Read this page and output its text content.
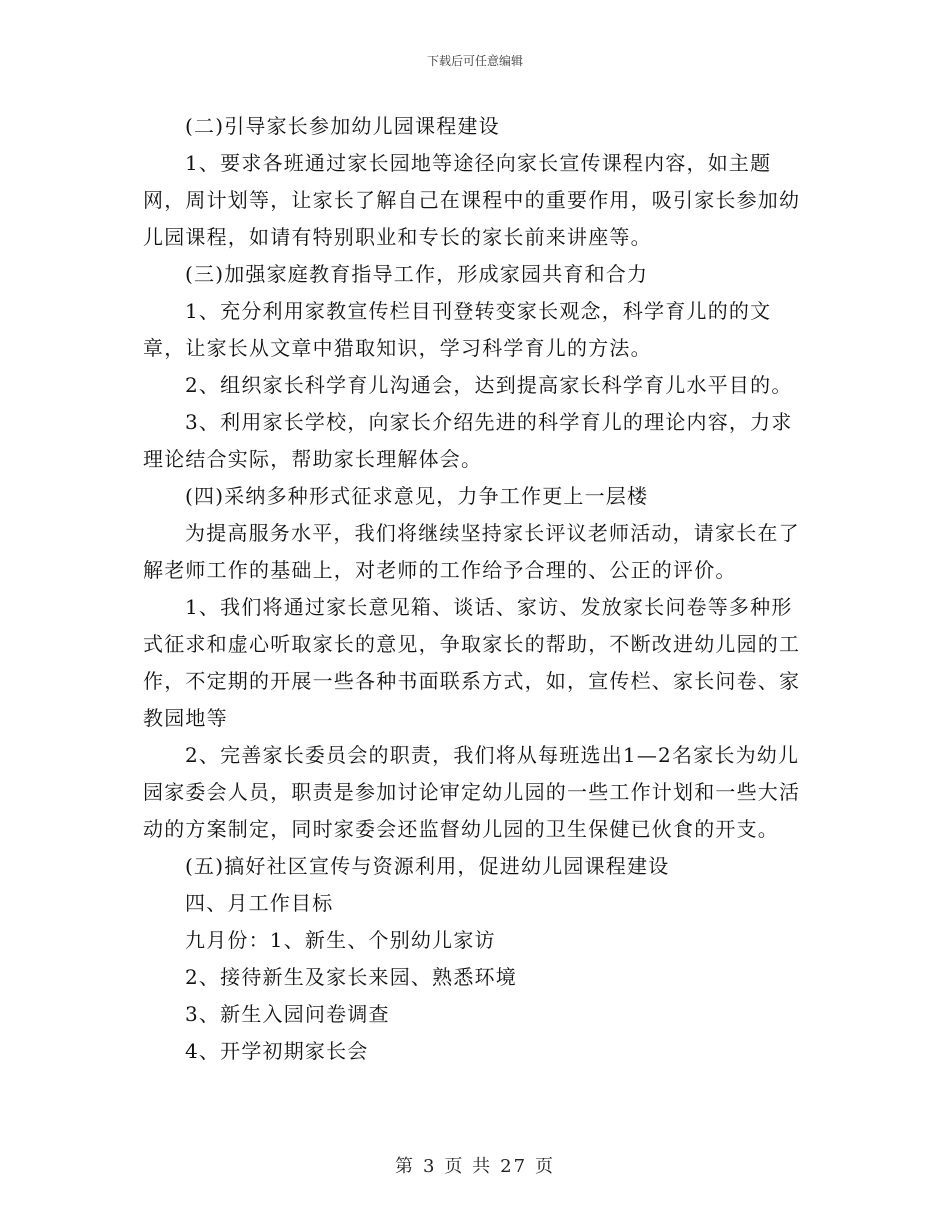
下载后可任意编辑

(二)引导家长参加幼儿园课程建设

1、要求各班通过家长园地等途径向家长宣传课程内容，如主题网，周计划等，让家长了解自己在课程中的重要作用，吸引家长参加幼儿园课程，如请有特别职业和专长的家长前来讲座等。

(三)加强家庭教育指导工作，形成家园共育和合力

1、充分利用家教宣传栏目刊登转变家长观念，科学育儿的的文章，让家长从文章中猎取知识，学习科学育儿的方法。

2、组织家长科学育儿沟通会，达到提高家长科学育儿水平目的。

3、利用家长学校，向家长介绍先进的科学育儿的理论内容，力求理论结合实际，帮助家长理解体会。

(四)采纳多种形式征求意见，力争工作更上一层楼

为提高服务水平，我们将继续坚持家长评议老师活动，请家长在了解老师工作的基础上，对老师的工作给予合理的、公正的评价。

1、我们将通过家长意见箱、谈话、家访、发放家长问卷等多种形式征求和虚心听取家长的意见，争取家长的帮助，不断改进幼儿园的工作，不定期的开展一些各种书面联系方式，如，宣传栏、家长问卷、家教园地等

2、完善家长委员会的职责，我们将从每班选出1—2名家长为幼儿园家委会人员，职责是参加讨论审定幼儿园的一些工作计划和一些大活动的方案制定，同时家委会还监督幼儿园的卫生保健已伙食的开支。

(五)搞好社区宣传与资源利用，促进幼儿园课程建设

四、月工作目标

九月份：1、新生、个别幼儿家访

2、接待新生及家长来园、熟悉环境

3、新生入园问卷调查

4、开学初期家长会

第 3 页 共 27 页
